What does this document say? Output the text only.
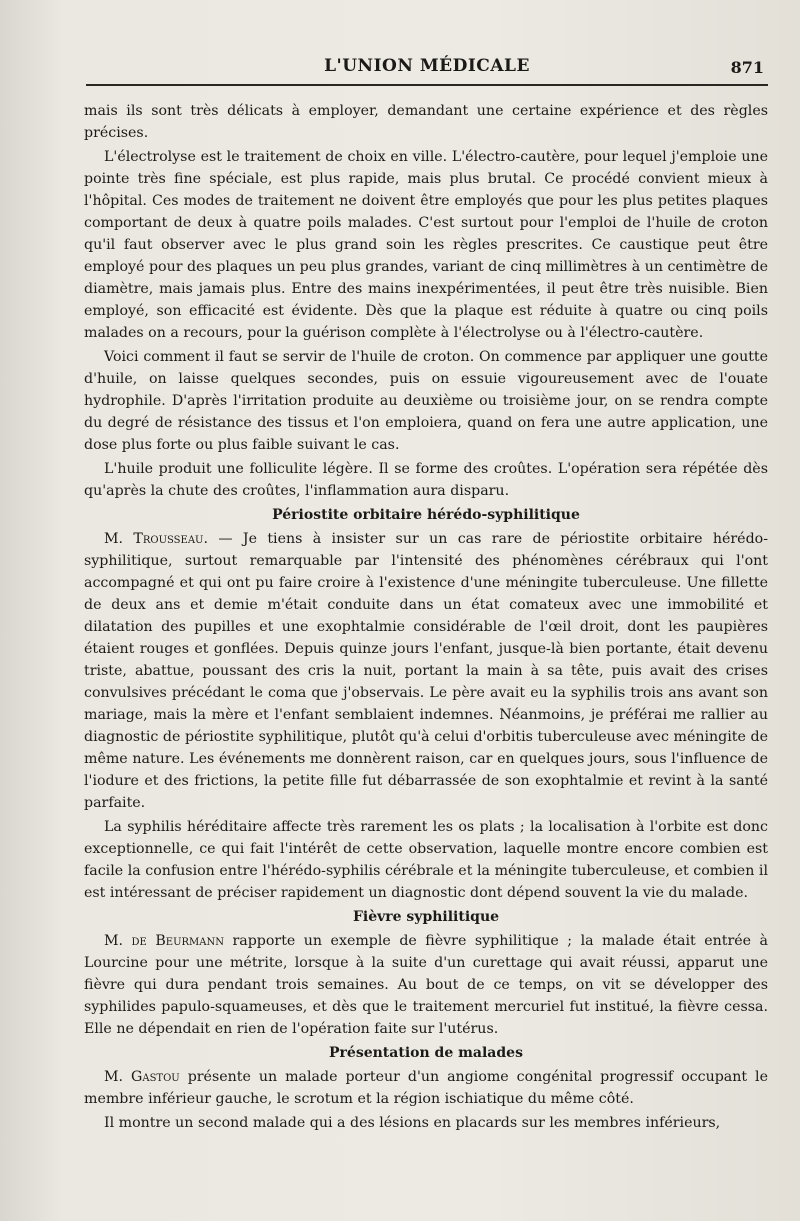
L'UNION MÉDICALE	871

mais ils sont très délicats à employer, demandant une certaine expérience et des règles précises.

L'électrolyse est le traitement de choix en ville. L'électro-cautère, pour lequel j'emploie une pointe très fine spéciale, est plus rapide, mais plus brutal. Ce procédé convient mieux à l'hôpital. Ces modes de traitement ne doivent être employés que pour les plus petites plaques comportant de deux à quatre poils malades. C'est surtout pour l'emploi de l'huile de croton qu'il faut observer avec le plus grand soin les règles prescrites. Ce caustique peut être employé pour des plaques un peu plus grandes, variant de cinq millimètres à un centimètre de diamètre, mais jamais plus. Entre des mains inexpérimentées, il peut être très nuisible. Bien employé, son efficacité est évidente. Dès que la plaque est réduite à quatre ou cinq poils malades on a recours, pour la guérison complète à l'électrolyse ou à l'électro-cautère.

Voici comment il faut se servir de l'huile de croton. On commence par appliquer une goutte d'huile, on laisse quelques secondes, puis on essuie vigoureusement avec de l'ouate hydrophile. D'après l'irritation produite au deuxième ou troisième jour, on se rendra compte du degré de résistance des tissus et l'on emploiera, quand on fera une autre application, une dose plus forte ou plus faible suivant le cas.

L'huile produit une folliculite légère. Il se forme des croûtes. L'opération sera répétée dès qu'après la chute des croûtes, l'inflammation aura disparu.

Périostite orbitaire hérédo-syphilitique

M. Trousseau. — Je tiens à insister sur un cas rare de périostite orbitaire hérédo-syphilitique, surtout remarquable par l'intensité des phénomènes cérébraux qui l'ont accompagné et qui ont pu faire croire à l'existence d'une méningite tuberculeuse. Une fillette de deux ans et demie m'était conduite dans un état comateux avec une immobilité et dilatation des pupilles et une exophtalmie considérable de l'œil droit, dont les paupières étaient rouges et gonflées. Depuis quinze jours l'enfant, jusque-là bien portante, était devenu triste, abattue, poussant des cris la nuit, portant la main à sa tête, puis avait des crises convulsives précédant le coma que j'observais. Le père avait eu la syphilis trois ans avant son mariage, mais la mère et l'enfant semblaient indemnes. Néanmoins, je préférai me rallier au diagnostic de périostite syphilitique, plutôt qu'à celui d'orbitis tuberculeuse avec méningite de même nature. Les événements me donnèrent raison, car en quelques jours, sous l'influence de l'iodure et des frictions, la petite fille fut débarrassée de son exophtalmie et revint à la santé parfaite.

La syphilis héréditaire affecte très rarement les os plats ; la localisation à l'orbite est donc exceptionnelle, ce qui fait l'intérêt de cette observation, laquelle montre encore combien est facile la confusion entre l'hérédo-syphilis cérébrale et la méningite tuberculeuse, et combien il est intéressant de préciser rapidement un diagnostic dont dépend souvent la vie du malade.

Fièvre syphilitique

M. de Beurmann rapporte un exemple de fièvre syphilitique ; la malade était entrée à Lourcine pour une métrite, lorsque à la suite d'un curettage qui avait réussi, apparut une fièvre qui dura pendant trois semaines. Au bout de ce temps, on vit se développer des syphilides papulo-squameuses, et dès que le traitement mercuriel fut institué, la fièvre cessa. Elle ne dépendait en rien de l'opération faite sur l'utérus.

Présentation de malades

M. Gastou présente un malade porteur d'un angiome congénital progressif occupant le membre inférieur gauche, le scrotum et la région ischiatique du même côté.

Il montre un second malade qui a des lésions en placards sur les membres inférieurs,
